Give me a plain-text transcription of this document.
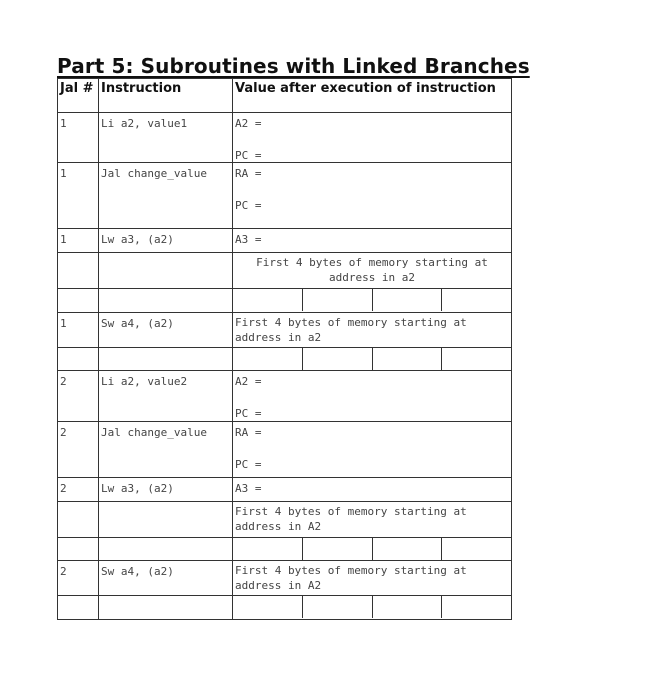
Part 5: Subroutines with Linked Branches
Jal #	Instruction	Value after execution of instruction
1	Li a2, value1	A2 =
PC =

1	Jal change_value	RA =
PC =

1	Lw a3, (a2)	A3 =
		First 4 bytes of memory starting at address in a2

1	Sw a4, (a2)	First 4 bytes of memory starting at address in a2

2	Li a2, value2	A2 =
PC =

2	Jal change_value	RA =
PC =

2	Lw a3, (a2)	A3 =
		First 4 bytes of memory starting at address in A2

2	Sw a4, (a2)	First 4 bytes of memory starting at address in A2
